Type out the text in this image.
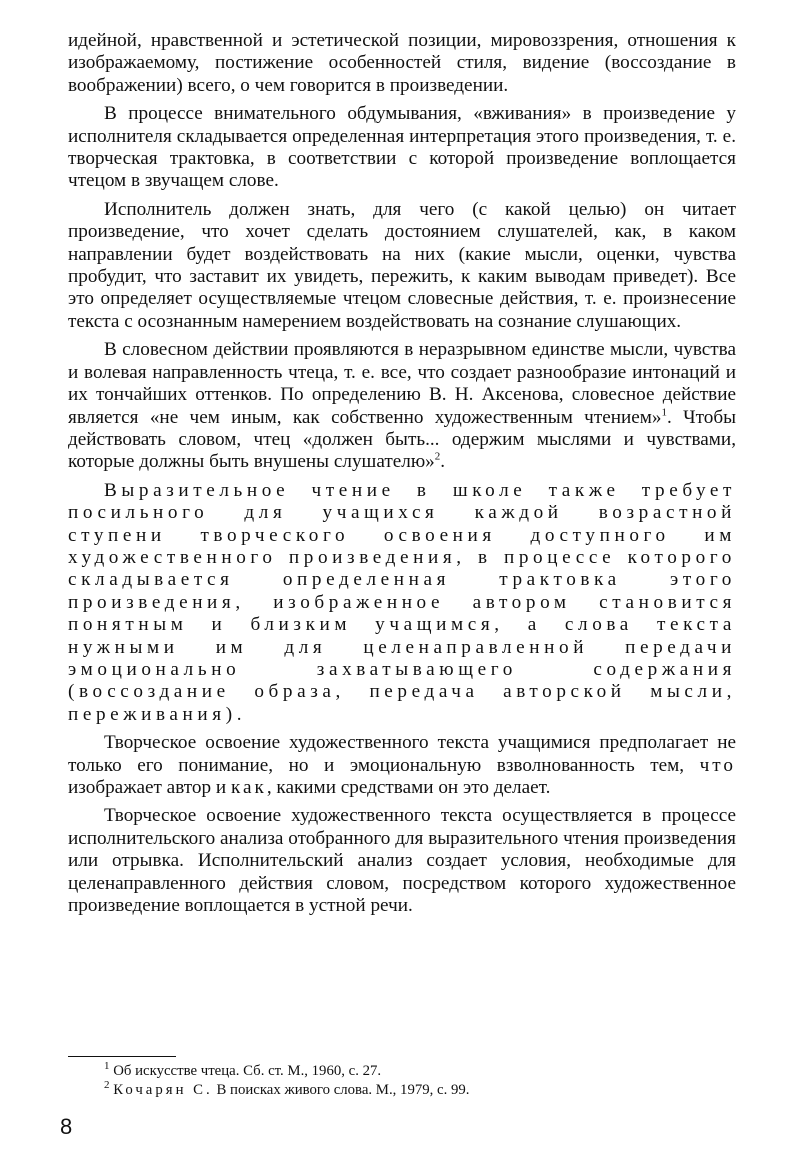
идейной, нравственной и эстетической позиции, мировоззрения, отношения к изображаемому, постижение особенностей стиля, видение (воссоздание в воображении) всего, о чем говорится в произведении.

В процессе внимательного обдумывания, «вживания» в произведение у исполнителя складывается определенная интерпретация этого произведения, т. е. творческая трактовка, в соответствии с которой произведение воплощается чтецом в звучащем слове.

Исполнитель должен знать, для чего (с какой целью) он читает произведение, что хочет сделать достоянием слушателей, как, в каком направлении будет воздействовать на них (какие мысли, оценки, чувства пробудит, что заставит их увидеть, пережить, к каким выводам приведет). Все это определяет осуществляемые чтецом словесные действия, т. е. произнесение текста с осознанным намерением воздействовать на сознание слушающих.

В словесном действии проявляются в неразрывном единстве мысли, чувства и волевая направленность чтеца, т. е. все, что создает разнообразие интонаций и их тончайших оттенков. По определению В. Н. Аксенова, словесное действие является «не чем иным, как собственно художественным чтением»$^1$. Чтобы действовать словом, чтец «должен быть... одержим мыслями и чувствами, которые должны быть внушены слушателю»$^2$.

Выразительное чтение в школе также требует посильного для учащихся каждой возрастной ступени творческого освоения доступного им художественного произведения, в процессе которого складывается определенная трактовка этого произведения, изображенное автором становится понятным и близким учащимся, а слова текста нужными им для целенаправленной передачи эмоционально захватывающего содержания (воссоздание образа, передача авторской мысли, переживания).

Творческое освоение художественного текста учащимися предполагает не только его понимание, но и эмоциональную взволнованность тем, что изображает автор и как, какими средствами он это делает.

Творческое освоение художественного текста осуществляется в процессе исполнительского анализа отобранного для выразительного чтения произведения или отрывка. Исполнительский анализ создает условия, необходимые для целенаправленного действия словом, посредством которого художественное произведение воплощается в устной речи.

$^1$ Об искусстве чтеца. Сб. ст. М., 1960, с. 27.
$^2$ Кочарян С. В поисках живого слова. М., 1979, с. 99.
8
